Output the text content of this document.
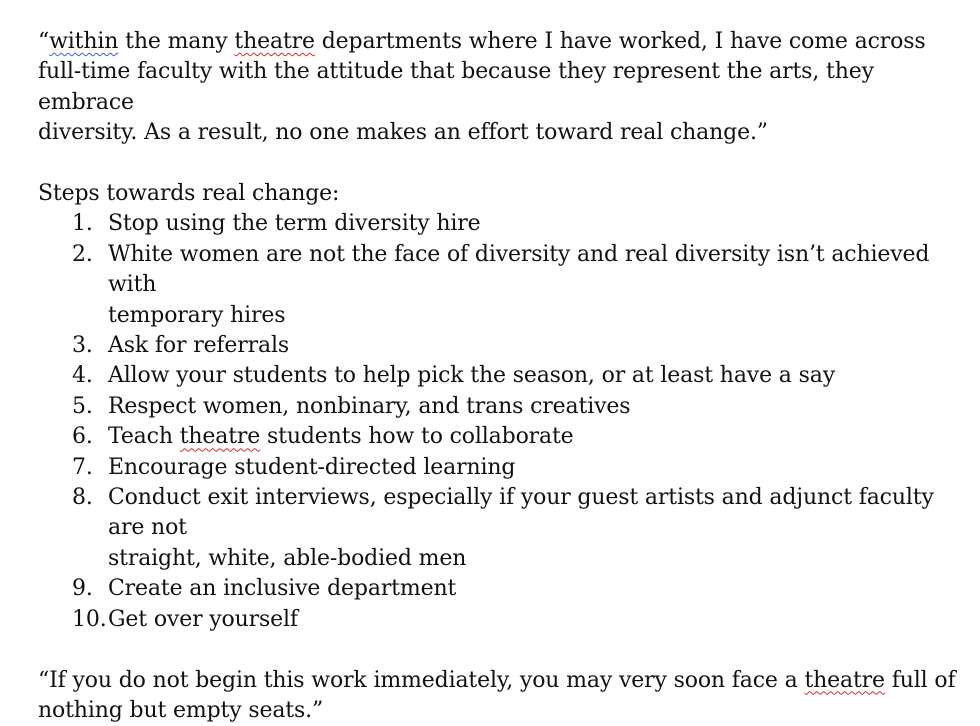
“within the many theatre departments where I have worked, I have come across
full-time faculty with the attitude that because they represent the arts, they embrace
diversity. As a result, no one makes an effort toward real change.”

Steps towards real change:

1. Stop using the term diversity hire
2. White women are not the face of diversity and real diversity isn’t achieved with
temporary hires
3. Ask for referrals
4. Allow your students to help pick the season, or at least have a say
5. Respect women, nonbinary, and trans creatives
6. Teach theatre students how to collaborate
7. Encourage student-directed learning
8. Conduct exit interviews, especially if your guest artists and adjunct faculty are not
straight, white, able-bodied men
9. Create an inclusive department
10. Get over yourself

“If you do not begin this work immediately, you may very soon face a theatre full of
nothing but empty seats.”
